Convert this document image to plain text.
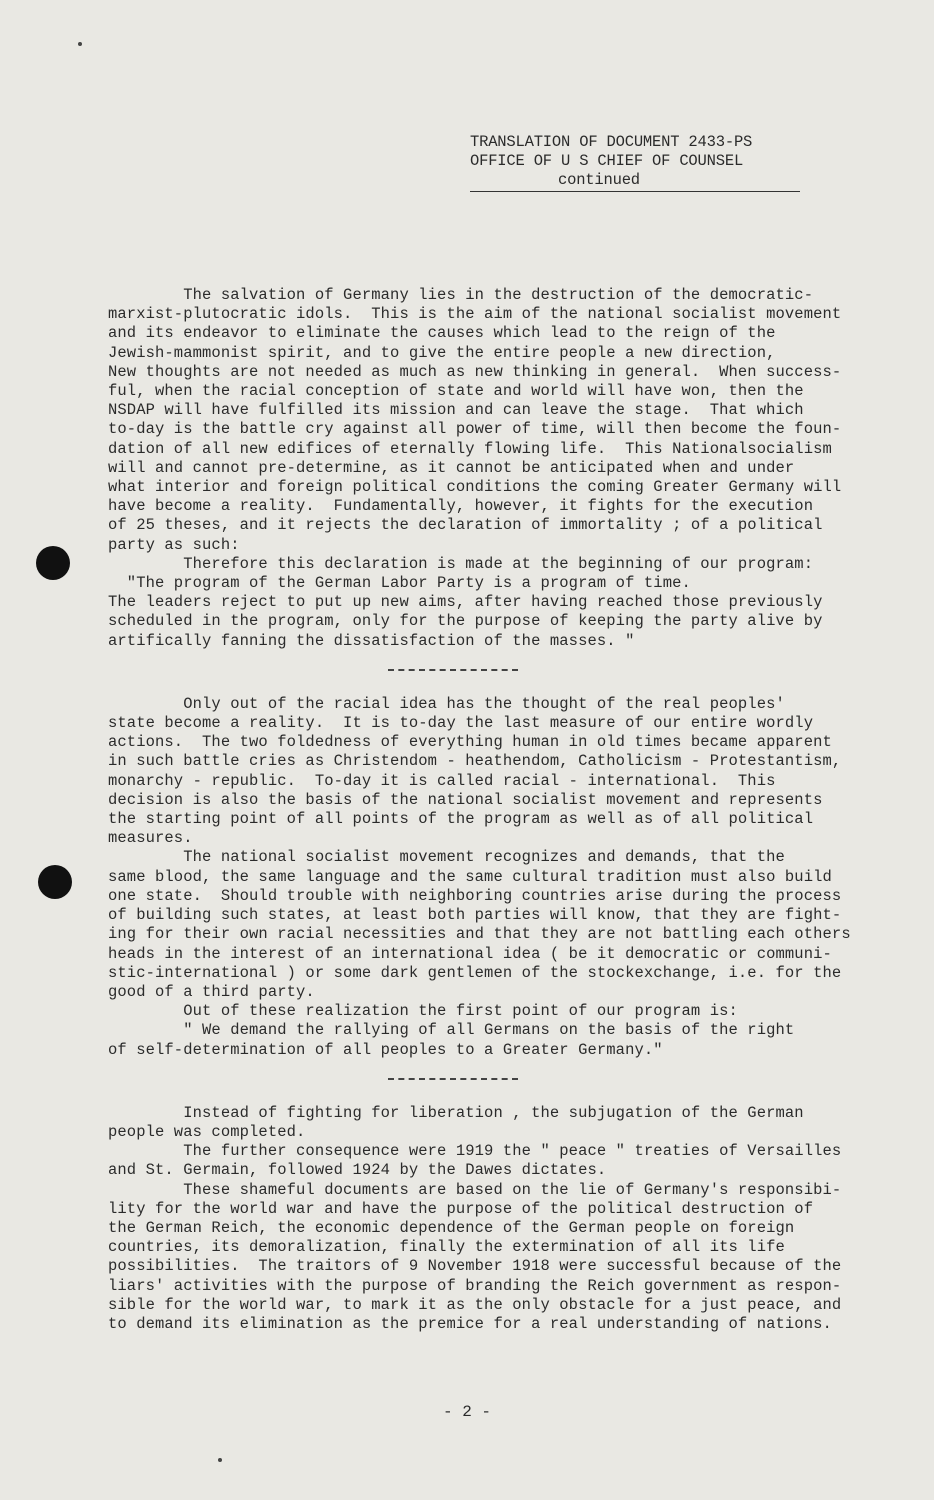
TRANSLATION OF DOCUMENT 2433-PS
OFFICE OF U S CHIEF OF COUNSEL
continued

The salvation of Germany lies in the destruction of the democratic-

marxist-plutocratic idols.  This is the aim of the national socialist movement

and its endeavor to eliminate the causes which lead to the reign of the

Jewish-mammonist spirit, and to give the entire people a new direction,

New thoughts are not needed as much as new thinking in general.  When success-

ful, when the racial conception of state and world will have won, then the

NSDAP will have fulfilled its mission and can leave the stage.  That which

to-day is the battle cry against all power of time, will then become the foun-

dation of all new edifices of eternally flowing life.  This Nationalsocialism

will and cannot pre-determine, as it cannot be anticipated when and under

what interior and foreign political conditions the coming Greater Germany will

have become a reality.  Fundamentally, however, it fights for the execution

of 25 theses, and it rejects the declaration of immortality ; of a political

party as such:

Therefore this declaration is made at the beginning of our program:

"The program of the German Labor Party is a program of time.

The leaders reject to put up new aims, after having reached those previously

scheduled in the program, only for the purpose of keeping the party alive by

artifically fanning the dissatisfaction of the masses. "

Only out of the racial idea has the thought of the real peoples'

state become a reality.  It is to-day the last measure of our entire wordly

actions.  The two foldedness of everything human in old times became apparent

in such battle cries as Christendom - heathendom, Catholicism - Protestantism,

monarchy - republic.  To-day it is called racial - international.  This

decision is also the basis of the national socialist movement and represents

the starting point of all points of the program as well as of all political

measures.

The national socialist movement recognizes and demands, that the

same blood, the same language and the same cultural tradition must also build

one state.  Should trouble with neighboring countries arise during the process

of building such states, at least both parties will know, that they are fight-

ing for their own racial necessities and that they are not battling each others

heads in the interest of an international idea ( be it democratic or communi-

stic-international ) or some dark gentlemen of the stockexchange, i.e. for the

good of a third party.

Out of these realization the first point of our program is:

" We demand the rallying of all Germans on the basis of the right

of self-determination of all peoples to a Greater Germany."

Instead of fighting for liberation , the subjugation of the German

people was completed.

The further consequence were 1919 the " peace " treaties of Versailles

and St. Germain, followed 1924 by the Dawes dictates.

These shameful documents are based on the lie of Germany's responsibi-

lity for the world war and have the purpose of the political destruction of

the German Reich, the economic dependence of the German people on foreign

countries, its demoralization, finally the extermination of all its life

possibilities.  The traitors of 9 November 1918 were successful because of the

liars' activities with the purpose of branding the Reich government as respon-

sible for the world war, to mark it as the only obstacle for a just peace, and

to demand its elimination as the premice for a real understanding of nations.

- 2 -
